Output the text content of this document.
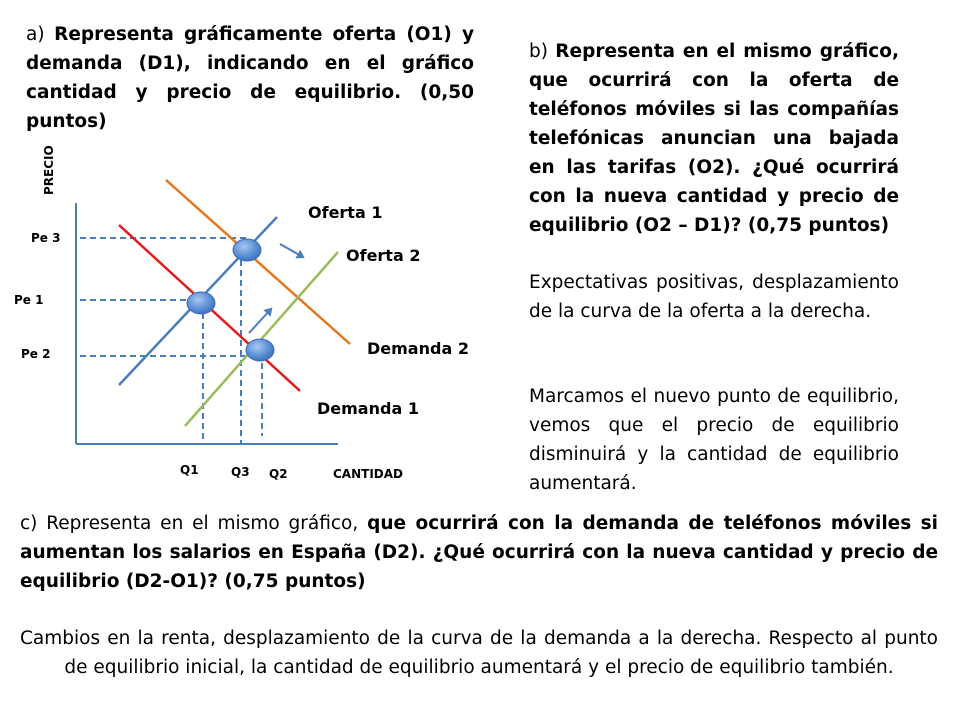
a) Representa gráficamente oferta (O1) y demanda (D1), indicando en el gráfico cantidad y precio de equilibrio. (0,50 puntos)
b) Representa en el mismo gráfico, que ocurrirá con la oferta de teléfonos móviles si las compañías telefónicas anuncian una bajada en las tarifas (O2). ¿Qué ocurrirá con la nueva cantidad y precio de equilibrio (O2 – D1)? (0,75 puntos)
Expectativas positivas, desplazamiento de la curva de la oferta a la derecha.
Marcamos el nuevo punto de equilibrio, vemos que el precio de equilibrio disminuirá y la cantidad de equilibrio aumentará.
c) Representa en el mismo gráfico, que ocurrirá con la demanda de teléfonos móviles si aumentan los salarios en España (D2). ¿Qué ocurrirá con la nueva cantidad y precio de equilibrio (D2-O1)? (0,75 puntos)
Cambios en la renta, desplazamiento de la curva de la demanda a la derecha. Respecto al punto de equilibrio inicial, la cantidad de equilibrio aumentará y el precio de equilibrio también.
PRECIO
CANTIDAD
Pe 3
Pe 1
Pe 2
Q1	Q3 Q2
Oferta 1
Oferta 2
Demanda 2
Demanda 1
